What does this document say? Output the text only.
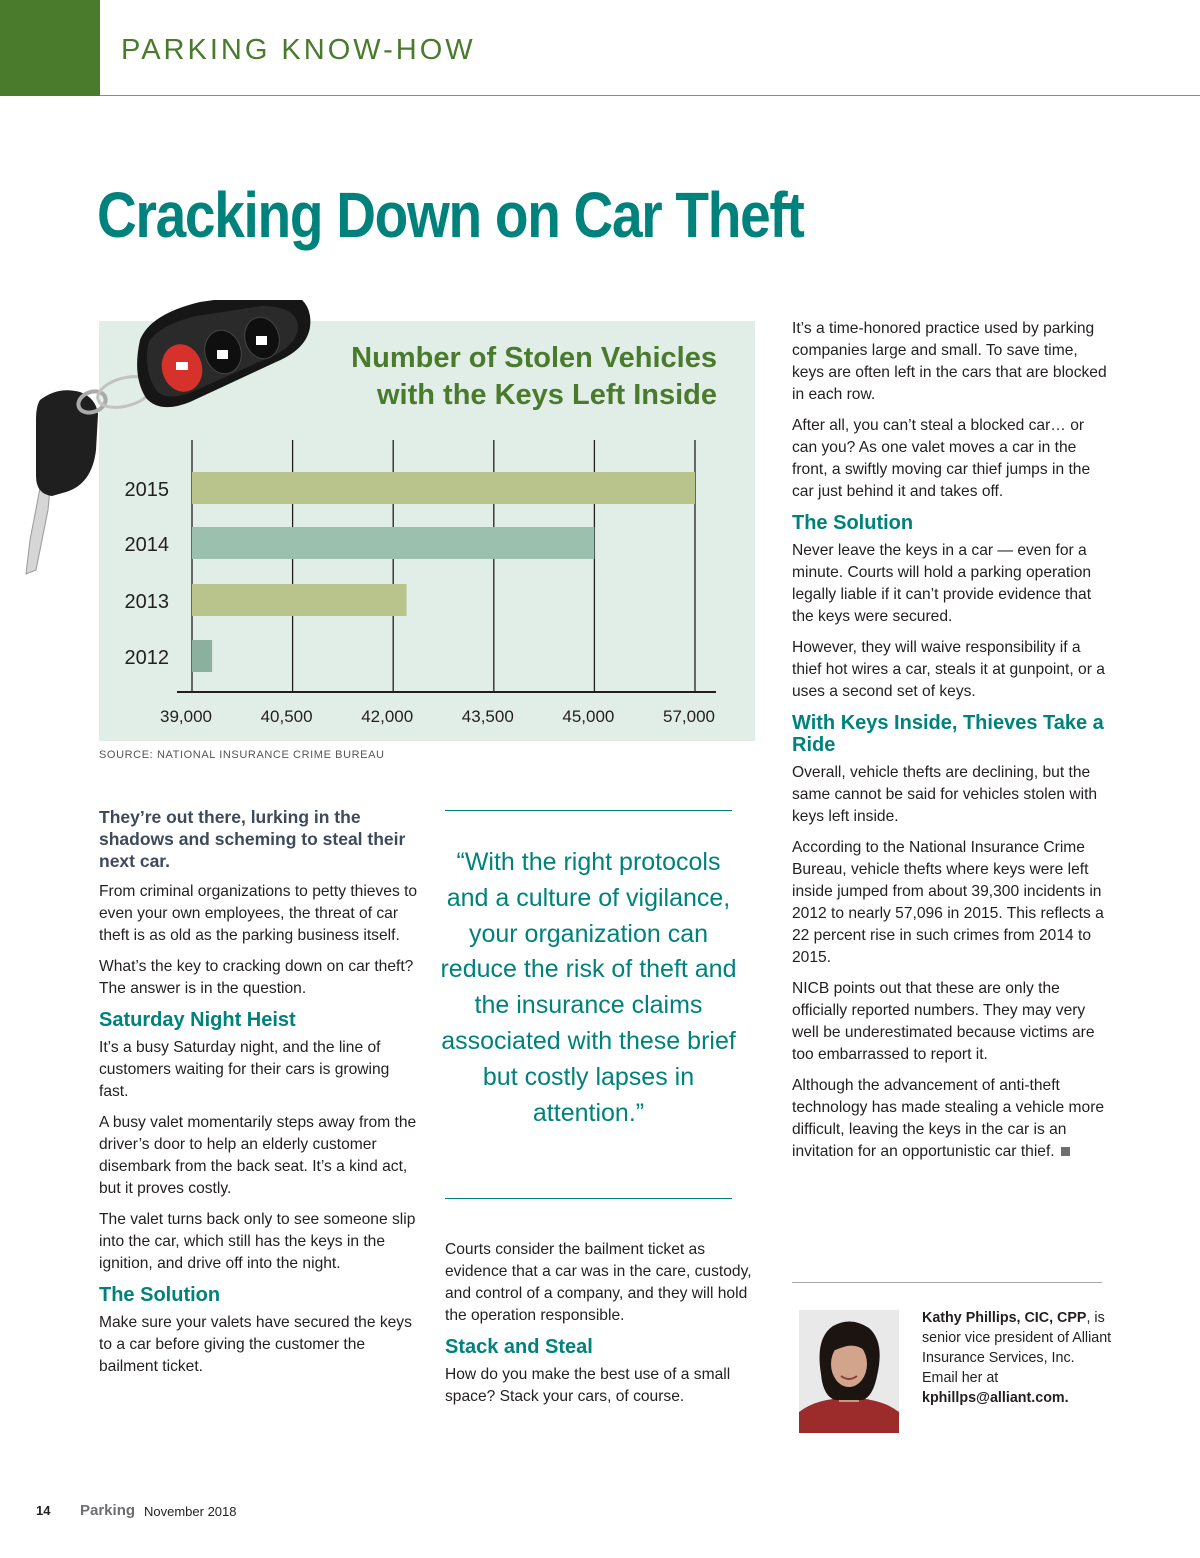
PARKING KNOW-HOW
Cracking Down on Car Theft
2015
2014
2013
2012
39,000	40,500	42,000	43,500	45,000	57,000
Number of Stolen Vehicles
with the Keys Left Inside
SOURCE: NATIONAL INSURANCE CRIME BUREAU

They’re out there, lurking in the shadows and scheming to steal their next car.

From criminal organizations to petty thieves to even your own employees, the threat of car theft is as old as the parking business itself.

What’s the key to cracking down on car theft? The answer is in the question.

Saturday Night Heist

It’s a busy Saturday night, and the line of customers waiting for their cars is growing fast.

A busy valet momentarily steps away from the driver’s door to help an elderly customer disembark from the back seat. It’s a kind act, but it proves costly.

The valet turns back only to see someone slip into the car, which still has the keys in the ignition, and drive off into the night.

The Solution

Make sure your valets have secured the keys to a car before giving the customer the bailment ticket.

“With the right protocols and a culture of vigilance, your organization can reduce the risk of theft and the insurance claims associated with these brief but costly lapses in attention.”

Courts consider the bailment ticket as evidence that a car was in the care, custody, and control of a company, and they will hold the operation responsible.

Stack and Steal

How do you make the best use of a small space? Stack your cars, of course.

It’s a time-honored practice used by parking companies large and small. To save time, keys are often left in the cars that are blocked in each row.

After all, you can’t steal a blocked car… or can you? As one valet moves a car in the front, a swiftly moving car thief jumps in the car just behind it and takes off.

The Solution

Never leave the keys in a car — even for a minute. Courts will hold a parking operation legally liable if it can’t provide evidence that the keys were secured.

However, they will waive responsibility if a thief hot wires a car, steals it at gunpoint, or a uses a second set of keys.

With Keys Inside, Thieves Take a Ride

Overall, vehicle thefts are declining, but the same cannot be said for vehicles stolen with keys left inside.

According to the National Insurance Crime Bureau, vehicle thefts where keys were left inside jumped from about 39,300 incidents in 2012 to nearly 57,096 in 2015. This reflects a 22 percent rise in such crimes from 2014 to 2015.

NICB points out that these are only the officially reported numbers. They may very well be underestimated because victims are too embarrassed to report it.

Although the advancement of anti-theft technology has made stealing a vehicle more difficult, leaving the keys in the car is an invitation for an opportunistic car thief.

Kathy Phillips, CIC, CPP, is senior vice president of Alliant Insurance Services, Inc. Email her at kphillps@alliant.com.
14 Parking November 2018
